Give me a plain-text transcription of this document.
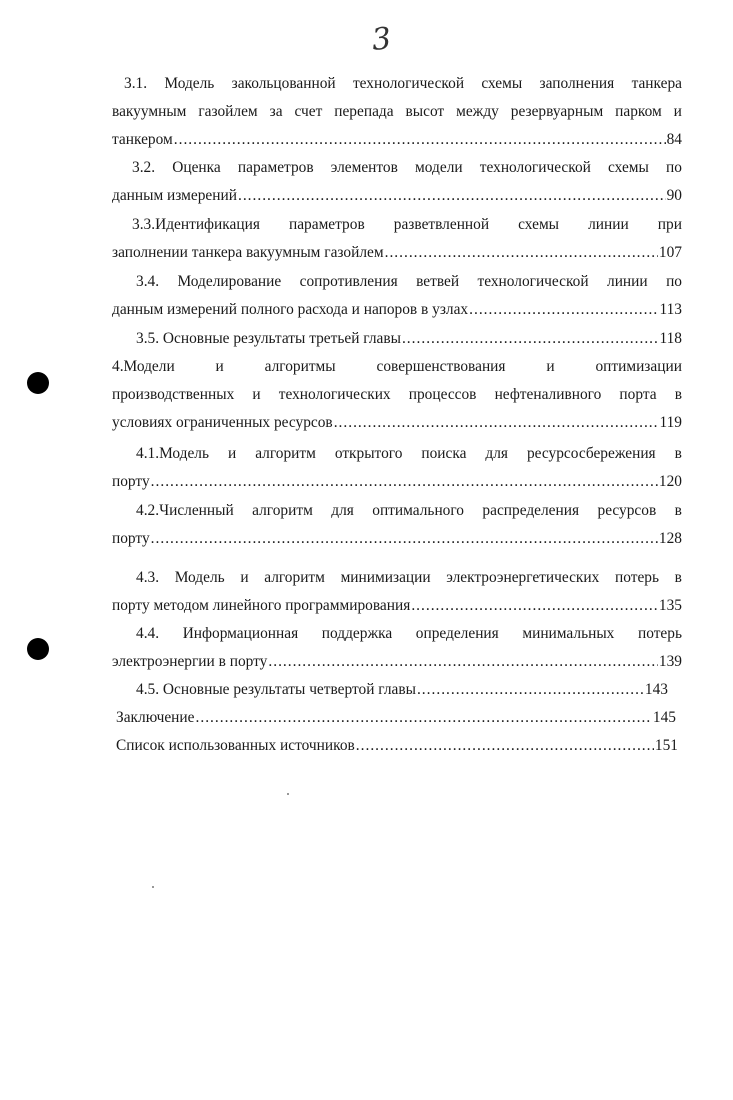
3
3.1. Модель закольцованной технологической схемы заполнения танкера
вакуумным газойлем за счет перепада высот между резервуарным парком и
танкером .....	84
3.2. Оценка параметров элементов модели технологической схемы по
данным измерений .....	90
3.3.Идентификация параметров разветвленной схемы линии при
заполнении танкера вакуумным газойлем .....	107
3.4. Моделирование сопротивления ветвей технологической линии по
данным измерений полного расхода и напоров в узлах .....	113
3.5. Основные результаты третьей главы .....	118
4.Модели	и	алгоритмы	совершенствования	и	оптимизации
производственных и технологических процессов нефтеналивного порта в
условиях ограниченных ресурсов .....	119
4.1.Модель и алгоритм открытого поиска для ресурсосбережения в
порту .....	120
4.2.Численный алгоритм для оптимального распределения ресурсов в
порту .....	128
4.3. Модель и алгоритм минимизации электроэнергетических потерь в
порту методом линейного программирования .....	135
4.4. Информационная поддержка определения минимальных потерь
электроэнергии в порту .....	139
4.5. Основные результаты четвертой главы .....	143
Заключение .....	145
Список использованных источников .....	151
